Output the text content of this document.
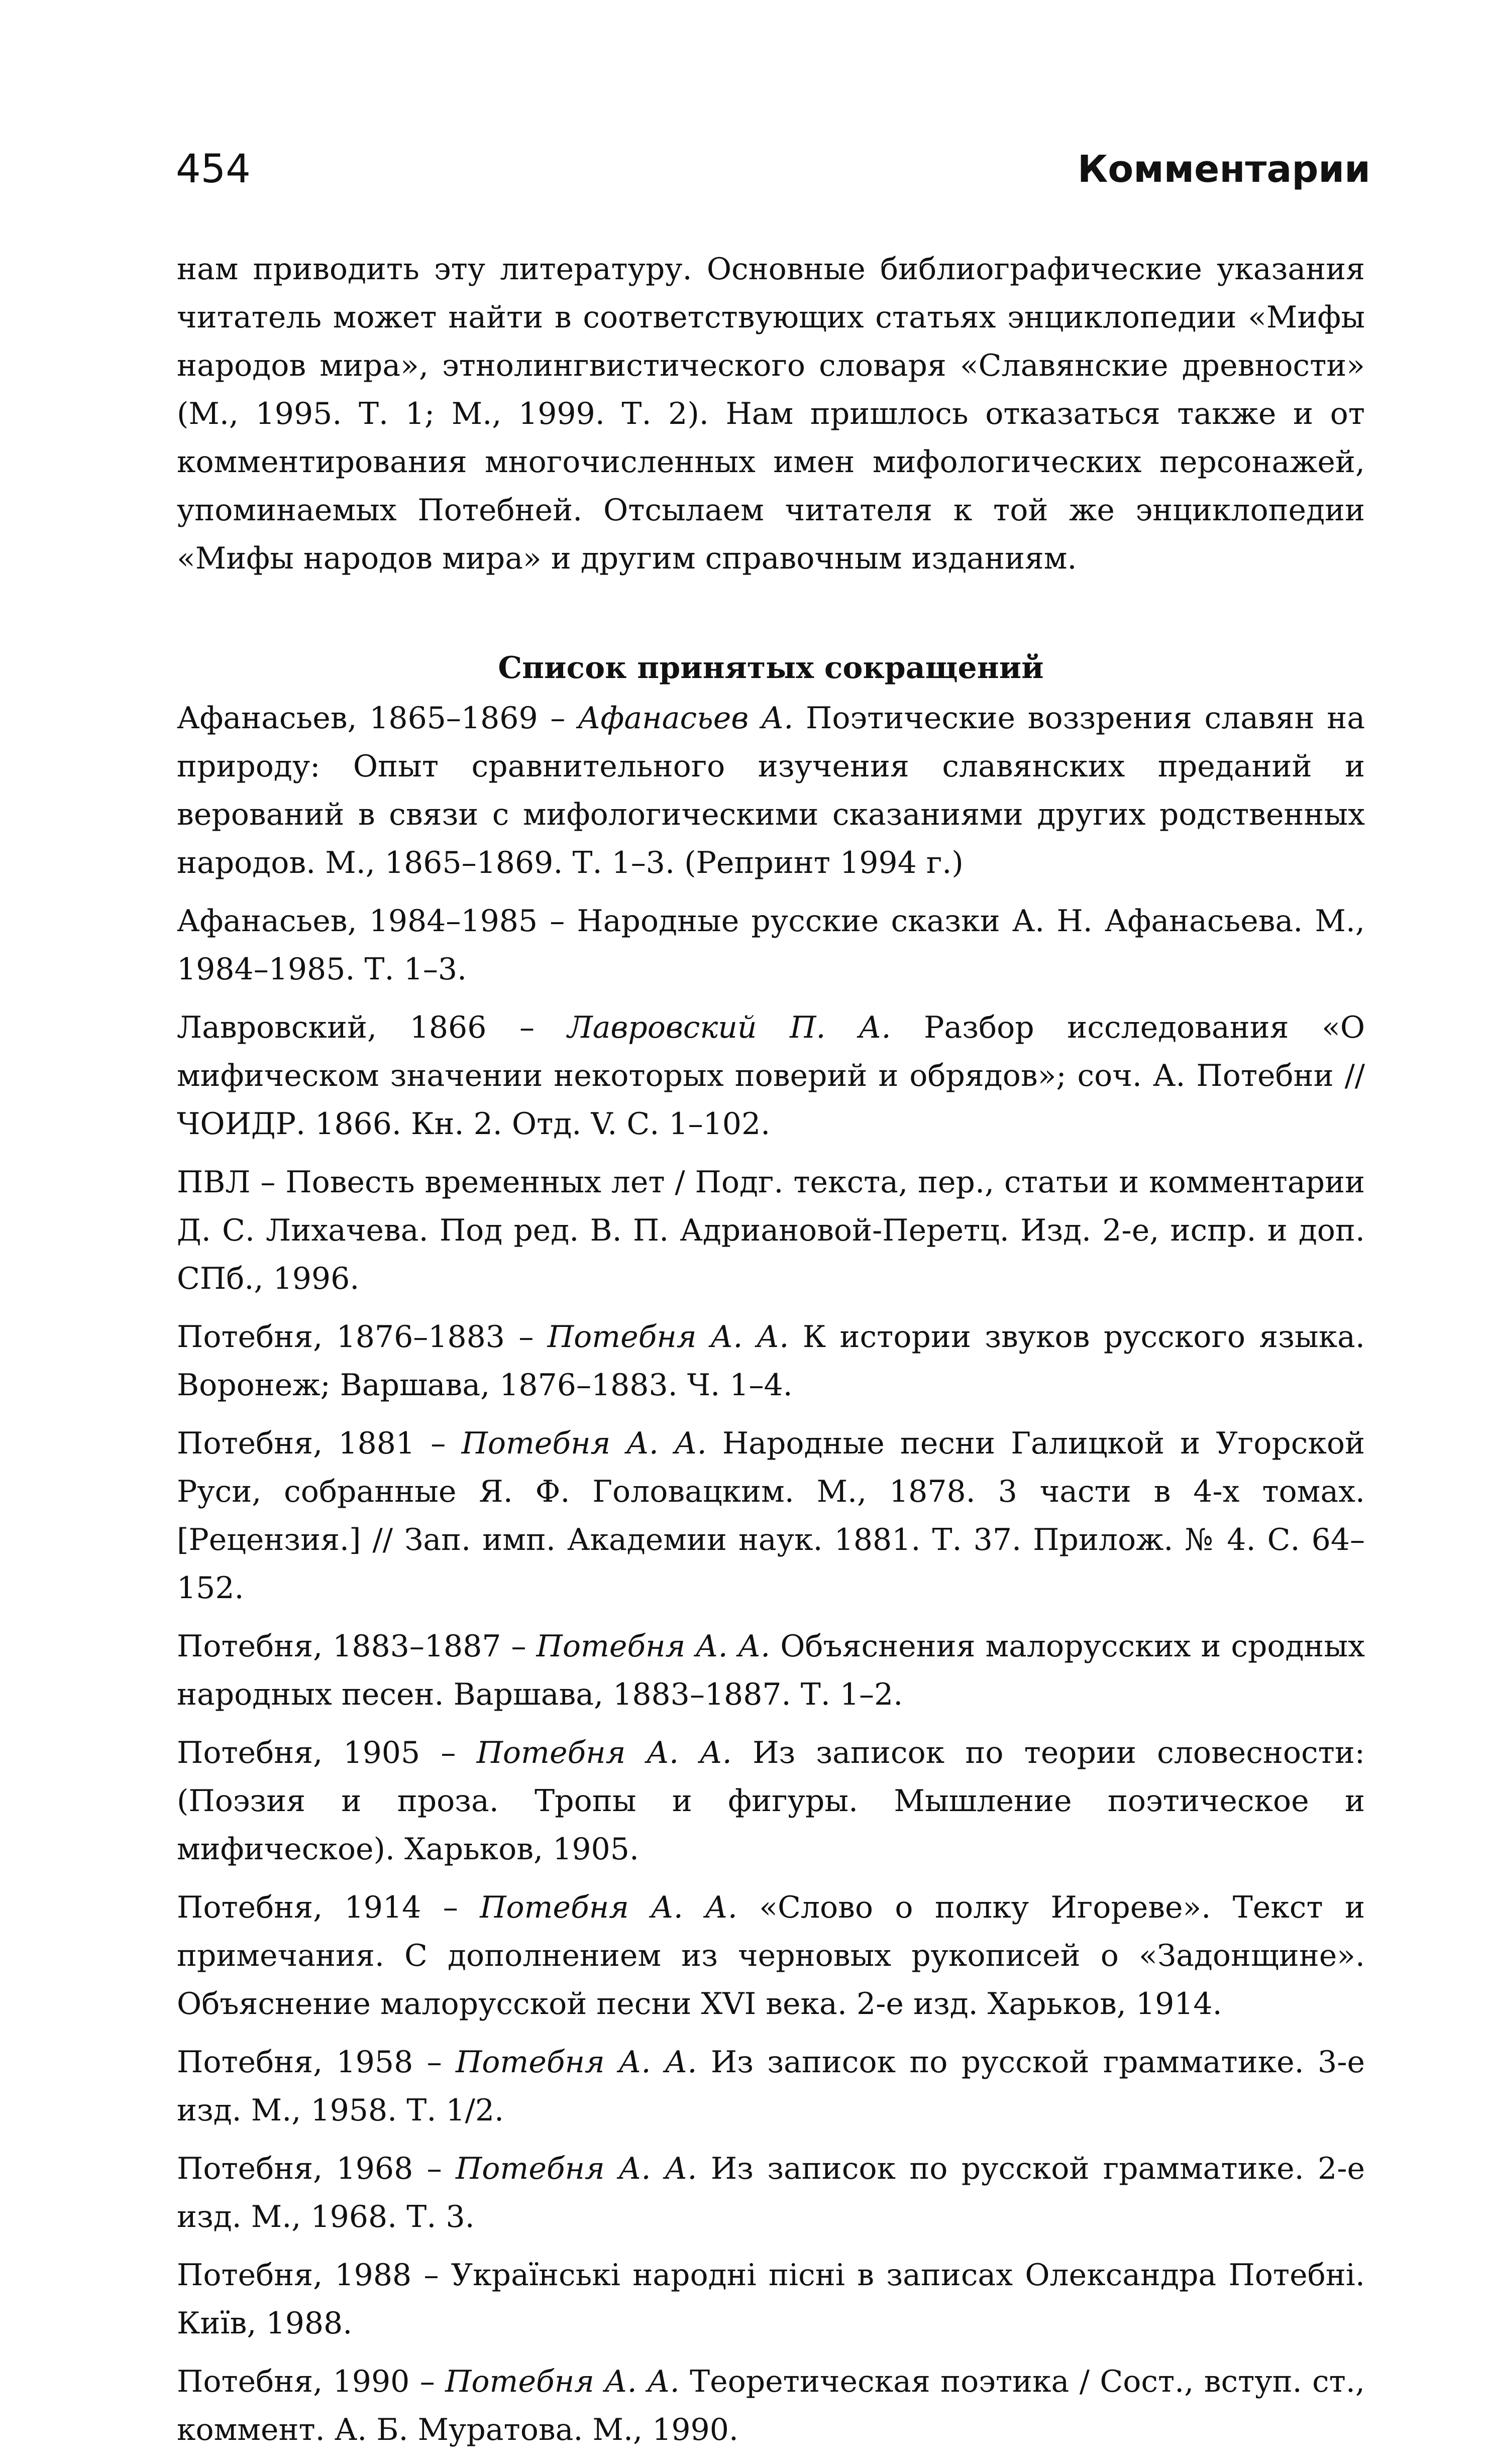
454	Комментарии

нам приводить эту литературу. Основные библиографические указания читатель может найти в соответствующих статьях энциклопедии «Мифы народов мира», этнолингвистического словаря «Славянские древности» (М., 1995. Т. 1; М., 1999. Т. 2). Нам пришлось отказаться также и от комментирования многочисленных имен мифологических персонажей, упоминаемых Потебней. Отсылаем читателя к той же энциклопедии «Мифы народов мира» и другим справочным изданиям.

Список принятых сокращений

Афанасьев, 1865–1869 – Афанасьев А. Поэтические воззрения славян на природу: Опыт сравнительного изучения славянских преданий и верований в связи с мифологическими сказаниями других родственных народов. М., 1865–1869. Т. 1–3. (Репринт 1994 г.)

Афанасьев, 1984–1985 – Народные русские сказки А. Н. Афанасьева. М., 1984–1985. Т. 1–3.

Лавровский, 1866 – Лавровский П. А. Разбор исследования «О мифическом значении некоторых поверий и обрядов»; соч. А. Потебни // ЧОИДР. 1866. Кн. 2. Отд. V. С. 1–102.

ПВЛ – Повесть временных лет / Подг. текста, пер., статьи и комментарии Д. С. Лихачева. Под ред. В. П. Адриановой-Перетц. Изд. 2-е, испр. и доп. СПб., 1996.

Потебня, 1876–1883 – Потебня А. А. К истории звуков русского языка. Воронеж; Варшава, 1876–1883. Ч. 1–4.

Потебня, 1881 – Потебня А. А. Народные песни Галицкой и Угорской Руси, собранные Я. Ф. Головацким. М., 1878. 3 части в 4-х томах. [Рецензия.] // Зап. имп. Академии наук. 1881. Т. 37. Прилож. № 4. С. 64–152.

Потебня, 1883–1887 – Потебня А. А. Объяснения малорусских и сродных народных песен. Варшава, 1883–1887. Т. 1–2.

Потебня, 1905 – Потебня А. А. Из записок по теории словесности: (Поэзия и проза. Тропы и фигуры. Мышление поэтическое и мифическое). Харьков, 1905.

Потебня, 1914 – Потебня А. А. «Слово о полку Игореве». Текст и примечания. С дополнением из черновых рукописей о «Задонщине». Объяснение малорусской песни XVI века. 2-е изд. Харьков, 1914.

Потебня, 1958 – Потебня А. А. Из записок по русской грамматике. 3-е изд. М., 1958. Т. 1/2.

Потебня, 1968 – Потебня А. А. Из записок по русской грамматике. 2-е изд. М., 1968. Т. 3.

Потебня, 1988 – Українські народні пісні в записах Олександра Потебні. Київ, 1988.

Потебня, 1990 – Потебня А. А. Теоретическая поэтика / Сост., вступ. ст., коммент. А. Б. Муратова. М., 1990.
